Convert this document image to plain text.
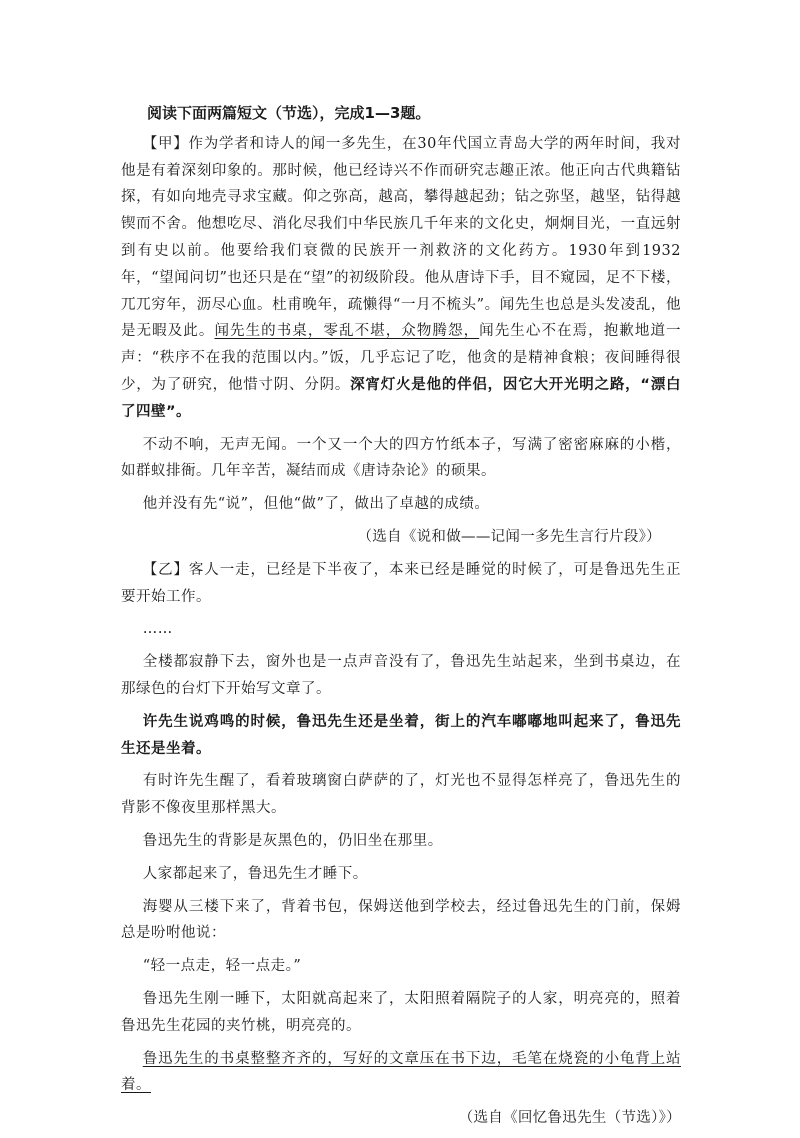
阅读下面两篇短文（节选），完成1—3题。

【甲】作为学者和诗人的闻一多先生，在30年代国立青岛大学的两年时间，我对他是有着深刻印象的。那时候，他已经诗兴不作而研究志趣正浓。他正向古代典籍钻探，有如向地壳寻求宝藏。仰之弥高，越高，攀得越起劲；钻之弥坚，越坚，钻得越锲而不舍。他想吃尽、消化尽我们中华民族几千年来的文化史，炯炯目光，一直远射到有史以前。他要给我们衰微的民族开一剂救济的文化药方。1930年到1932年，“望闻问切”也还只是在“望”的初级阶段。他从唐诗下手，目不窥园，足不下楼，兀兀穷年，沥尽心血。杜甫晚年，疏懒得“一月不梳头”。闻先生也总是头发凌乱，他是无暇及此。闻先生的书桌，零乱不堪，众物腾怨，闻先生心不在焉，抱歉地道一声：“秩序不在我的范围以内。”饭，几乎忘记了吃，他贪的是精神食粮；夜间睡得很少，为了研究，他惜寸阴、分阴。深宵灯火是他的伴侣，因它大开光明之路，“漂白了四壁”。

不动不响，无声无闻。一个又一个大的四方竹纸本子，写满了密密麻麻的小楷，如群蚁排衙。几年辛苦，凝结而成《唐诗杂论》的硕果。

他并没有先“说”，但他“做”了，做出了卓越的成绩。

（选自《说和做——记闻一多先生言行片段》）

【乙】客人一走，已经是下半夜了，本来已经是睡觉的时候了，可是鲁迅先生正要开始工作。

……

全楼都寂静下去，窗外也是一点声音没有了，鲁迅先生站起来，坐到书桌边，在那绿色的台灯下开始写文章了。

许先生说鸡鸣的时候，鲁迅先生还是坐着，街上的汽车嘟嘟地叫起来了，鲁迅先生还是坐着。

有时许先生醒了，看着玻璃窗白萨萨的了，灯光也不显得怎样亮了，鲁迅先生的背影不像夜里那样黑大。

鲁迅先生的背影是灰黑色的，仍旧坐在那里。

人家都起来了，鲁迅先生才睡下。

海婴从三楼下来了，背着书包，保姆送他到学校去，经过鲁迅先生的门前，保姆总是吩咐他说：

“轻一点走，轻一点走。”

鲁迅先生刚一睡下，太阳就高起来了，太阳照着隔院子的人家，明亮亮的，照着鲁迅先生花园的夹竹桃，明亮亮的。

鲁迅先生的书桌整整齐齐的，写好的文章压在书下边，毛笔在烧瓷的小龟背上站着。

（选自《回忆鲁迅先生（节选）》）
